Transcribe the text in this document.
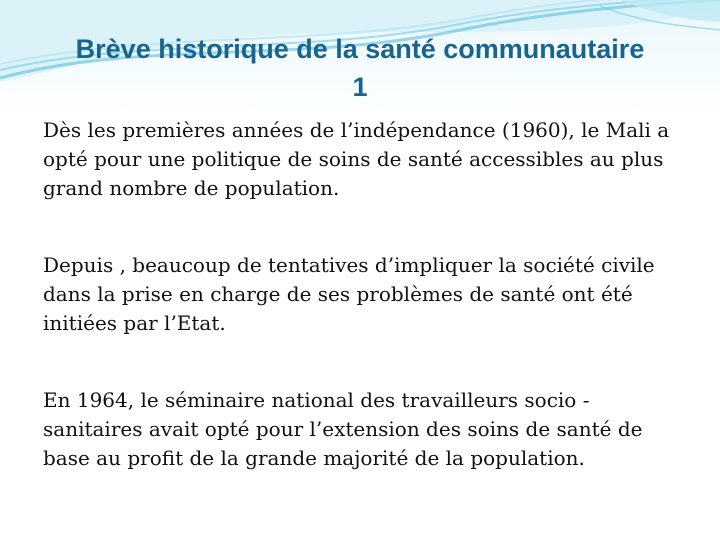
Brève historique de la santé communautaire
1

Dès les premières années de l’indépendance (1960), le Mali a opté pour une politique de soins de santé accessibles au plus grand nombre de population.

Depuis , beaucoup de tentatives d’impliquer la société civile dans la prise en charge de ses problèmes de santé ont été initiées par l’Etat.

En 1964, le séminaire national des travailleurs socio - sanitaires avait opté pour l’extension des soins de santé de base au profit de la grande majorité de la population.
